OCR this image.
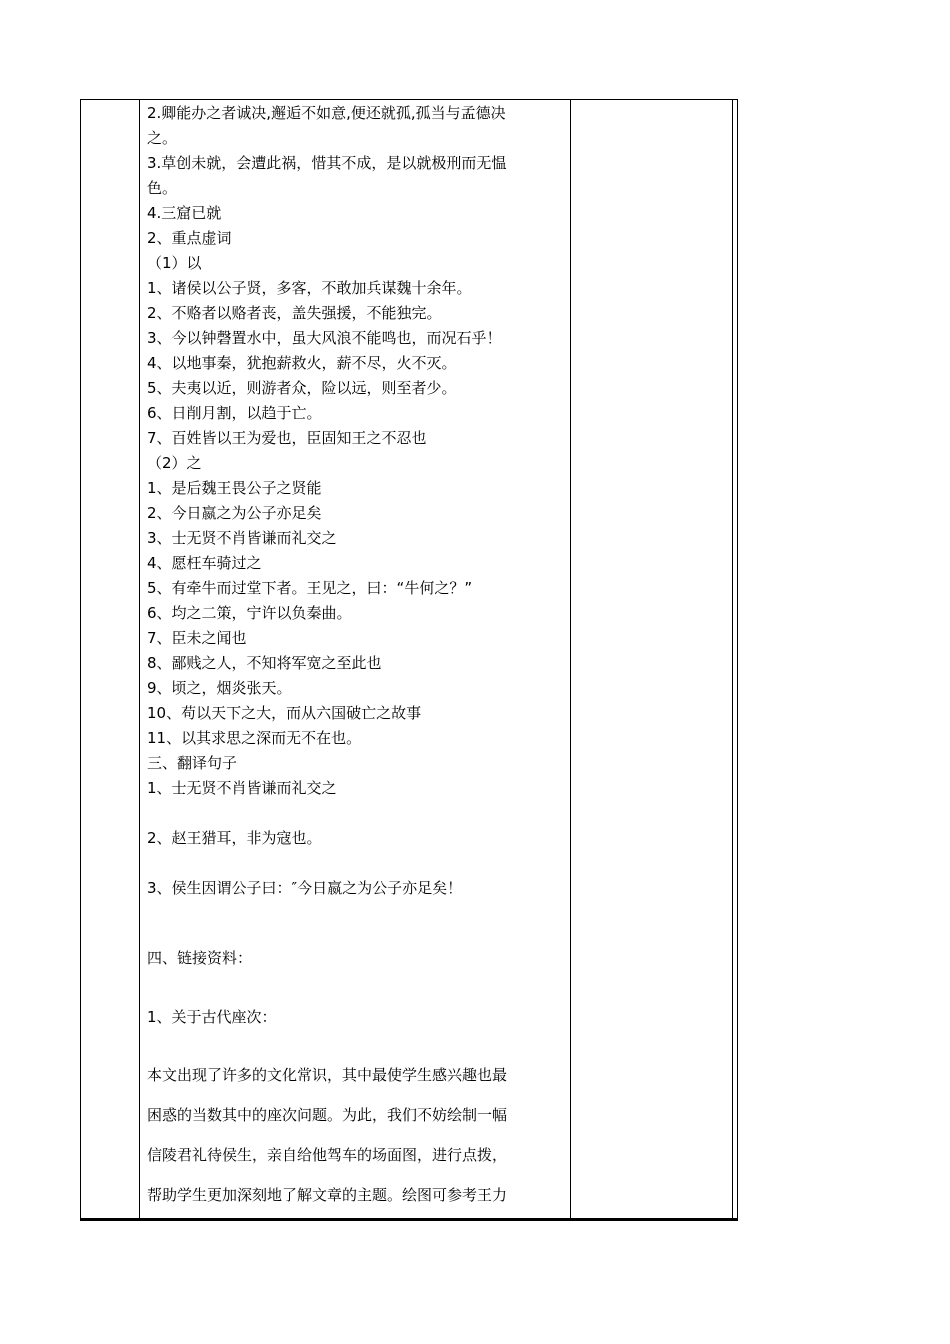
2.卿能办之者诚决,邂逅不如意,便还就孤,孤当与孟德决
之。
3.草创未就，会遭此祸，惜其不成，是以就极刑而无愠
色。
4.三窟已就
2、重点虚词
（1）以
1、诸侯以公子贤，多客，不敢加兵谋魏十余年。
2、不赂者以赂者丧，盖失强援，不能独完。
3、今以钟磬置水中，虽大风浪不能鸣也，而况石乎！
4、以地事秦，犹抱薪救火，薪不尽，火不灭。
5、夫夷以近，则游者众，险以远，则至者少。
6、日削月割，以趋于亡。
7、百姓皆以王为爱也，臣固知王之不忍也
（2）之
1、是后魏王畏公子之贤能
2、今日嬴之为公子亦足矣
3、士无贤不肖皆谦而礼交之
4、愿枉车骑过之
5、有牵牛而过堂下者。王见之，曰：“牛何之？”
6、均之二策，宁许以负秦曲。
7、臣未之闻也
8、鄙贱之人，不知将军宽之至此也
9、顷之，烟炎张天。
10、苟以天下之大，而从六国破亡之故事
11、以其求思之深而无不在也。
三、翻译句子
1、士无贤不肖皆谦而礼交之
2、赵王猎耳，非为寇也。
3、侯生因谓公子曰：″今日嬴之为公子亦足矣！
四、链接资料：
1、关于古代座次：
本文出现了许多的文化常识，其中最使学生感兴趣也最
困惑的当数其中的座次问题。为此，我们不妨绘制一幅
信陵君礼待侯生，亲自给他驾车的场面图，进行点拨，
帮助学生更加深刻地了解文章的主题。绘图可参考王力
